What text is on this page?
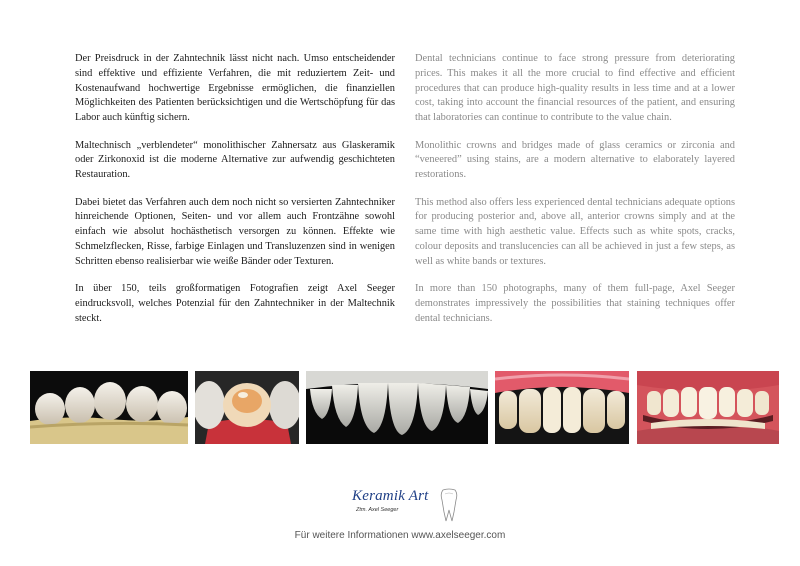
Der Preisdruck in der Zahntechnik lässt nicht nach. Umso entscheidender sind effektive und effiziente Verfahren, die mit reduziertem Zeit- und Kostenaufwand hochwertige Ergebnisse ermöglichen, die finanziellen Möglichkeiten des Patienten berücksichtigen und die Wertschöpfung für das Labor auch künftig sichern.

Maltechnisch „verblendeter“ monolithischer Zahnersatz aus Glaskeramik oder Zirkonoxid ist die moderne Alternative zur aufwendig geschichteten Restauration.

Dabei bietet das Verfahren auch dem noch nicht so versierten Zahntechniker hinreichende Optionen, Seiten- und vor allem auch Frontzähne sowohl einfach wie absolut hochästhetisch versorgen zu können. Effekte wie Schmelzflecken, Risse, farbige Einlagen und Transluzenzen sind in wenigen Schritten ebenso realisierbar wie weiße Bänder oder Texturen.

In über 150, teils großformatigen Fotografien zeigt Axel Seeger eindrucksvoll, welches Potenzial für den Zahntechniker in der Maltechnik steckt.

Dental technicians continue to face strong pressure from deteriorating prices. This makes it all the more crucial to find effective and efficient procedures that can produce high-quality results in less time and at a lower cost, taking into account the financial resources of the patient, and ensuring that laboratories can continue to contribute to the value chain.

Monolithic crowns and bridges made of glass ceramics or zirconia and “veneered” using stains, are a modern alternative to elaborately layered restorations.

This method also offers less experienced dental technicians adequate options for producing posterior and, above all, anterior crowns simply and at the same time with high aesthetic value. Effects such as white spots, cracks, colour deposits and translucencies can all be achieved in just a few steps, as well as white bands or textures.

In more than 150 photographs, many of them full-page, Axel Seeger demonstrates impressively the possibilities that staining techniques offer dental technicians.

Keramik Art
Ztm. Axel Seeger
Für weitere Informationen www.axelseeger.com
